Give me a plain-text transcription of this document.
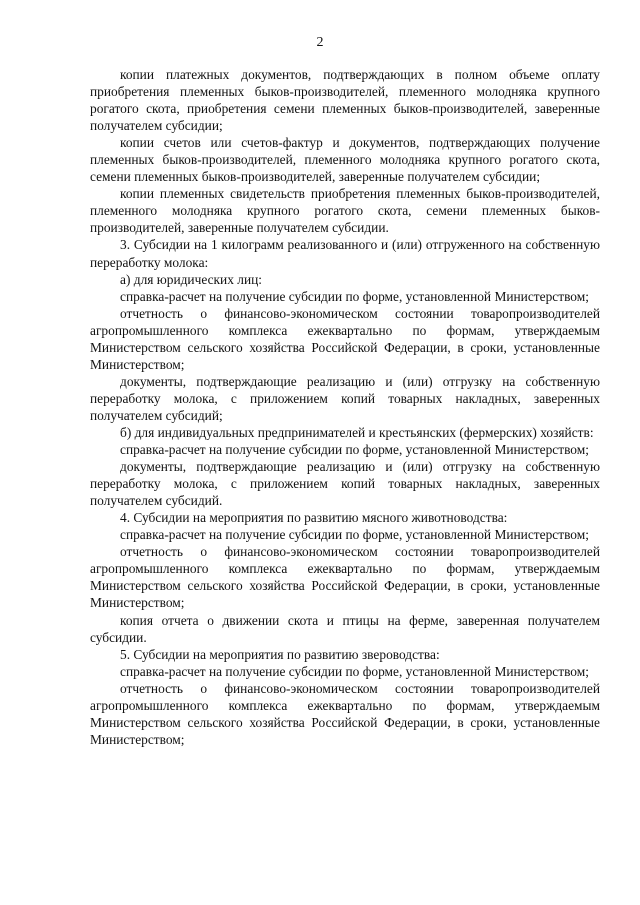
2

копии платежных документов, подтверждающих в полном объеме оплату приобретения племенных быков-производителей, племенного молодняка крупного рогатого скота, приобретения семени племенных быков-производителей, заверенные получателем субсидии;

копии счетов или счетов-фактур и документов, подтверждающих получение племенных быков-производителей, племенного молодняка крупного рогатого скота, семени племенных быков-производителей, заверенные получателем субсидии;

копии племенных свидетельств приобретения племенных быков-производителей, племенного молодняка крупного рогатого скота, семени племенных быков-производителей, заверенные получателем субсидии.

3. Субсидии на 1 килограмм реализованного и (или) отгруженного на собственную переработку молока:

а) для юридических лиц:

справка-расчет на получение субсидии по форме, установленной Министерством;

отчетность о финансово-экономическом состоянии товаропроизводителей агропромышленного комплекса ежеквартально по формам, утверждаемым Министерством сельского хозяйства Российской Федерации, в сроки, установленные Министерством;

документы, подтверждающие реализацию и (или) отгрузку на собственную переработку молока, с приложением копий товарных накладных, заверенных получателем субсидий;

б) для индивидуальных предпринимателей и крестьянских (фермерских) хозяйств:

справка-расчет на получение субсидии по форме, установленной Министерством;

документы, подтверждающие реализацию и (или) отгрузку на собственную переработку молока, с приложением копий товарных накладных, заверенных получателем субсидий.

4. Субсидии на мероприятия по развитию мясного животноводства:

справка-расчет на получение субсидии по форме, установленной Министерством;

отчетность о финансово-экономическом состоянии товаропроизводителей агропромышленного комплекса ежеквартально по формам, утверждаемым Министерством сельского хозяйства Российской Федерации, в сроки, установленные Министерством;

копия отчета о движении скота и птицы на ферме, заверенная получателем субсидии.

5. Субсидии на мероприятия по развитию звероводства:

справка-расчет на получение субсидии по форме, установленной Министерством;

отчетность о финансово-экономическом состоянии товаропроизводителей агропромышленного комплекса ежеквартально по формам, утверждаемым Министерством сельского хозяйства Российской Федерации, в сроки, установленные Министерством;
